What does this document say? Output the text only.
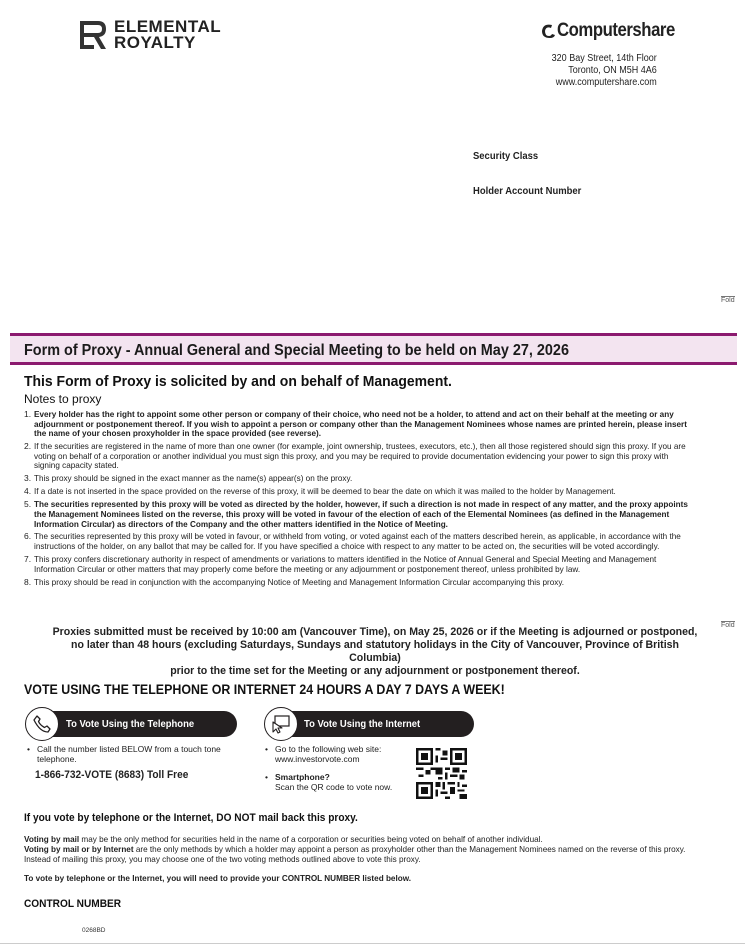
ELEMENTAL
ROYALTY
Computershare
320 Bay Street, 14th Floor
Toronto, ON M5H 4A6
www.computershare.com
Security Class
Holder Account Number
Fold
Form of Proxy - Annual General and Special Meeting to be held on May 27, 2026
This Form of Proxy is solicited by and on behalf of Management.
Notes to proxy
1. Every holder has the right to appoint some other person or company of their choice, who need not be a holder, to attend and act on their behalf at the meeting or any adjournment or postponement thereof. If you wish to appoint a person or company other than the Management Nominees whose names are printed herein, please insert the name of your chosen proxyholder in the space provided (see reverse).
2. If the securities are registered in the name of more than one owner (for example, joint ownership, trustees, executors, etc.), then all those registered should sign this proxy. If you are voting on behalf of a corporation or another individual you must sign this proxy, and you may be required to provide documentation evidencing your power to sign this proxy with signing capacity stated.
3. This proxy should be signed in the exact manner as the name(s) appear(s) on the proxy.
4. If a date is not inserted in the space provided on the reverse of this proxy, it will be deemed to bear the date on which it was mailed to the holder by Management.
5. The securities represented by this proxy will be voted as directed by the holder, however, if such a direction is not made in respect of any matter, and the proxy appoints the Management Nominees listed on the reverse, this proxy will be voted in favour of the election of each of the Elemental Nominees (as defined in the Management Information Circular) as directors of the Company and the other matters identified in the Notice of Meeting.
6. The securities represented by this proxy will be voted in favour, or withheld from voting, or voted against each of the matters described herein, as applicable, in accordance with the instructions of the holder, on any ballot that may be called for. If you have specified a choice with respect to any matter to be acted on, the securities will be voted accordingly.
7. This proxy confers discretionary authority in respect of amendments or variations to matters identified in the Notice of Annual General and Special Meeting and Management Information Circular or other matters that may properly come before the meeting or any adjournment or postponement thereof, unless prohibited by law.
8. This proxy should be read in conjunction with the accompanying Notice of Meeting and Management Information Circular accompanying this proxy.
Fold
Proxies submitted must be received by 10:00 am (Vancouver Time), on May 25, 2026 or if the Meeting is adjourned or postponed,
no later than 48 hours (excluding Saturdays, Sundays and statutory holidays in the City of Vancouver, Province of British Columbia)
prior to the time set for the Meeting or any adjournment or postponement thereof.
VOTE USING THE TELEPHONE OR INTERNET 24 HOURS A DAY 7 DAYS A WEEK!
To Vote Using the Telephone	To Vote Using the Internet
• Call the number listed BELOW from a touch tone
telephone.
1-866-732-VOTE (8683) Toll Free
• Go to the following web site:
www.investorvote.com
• Smartphone?
Scan the QR code to vote now.
If you vote by telephone or the Internet, DO NOT mail back this proxy.
Voting by mail may be the only method for securities held in the name of a corporation or securities being voted on behalf of another individual.
Voting by mail or by Internet are the only methods by which a holder may appoint a person as proxyholder other than the Management Nominees named on the reverse of this proxy.
Instead of mailing this proxy, you may choose one of the two voting methods outlined above to vote this proxy.
To vote by telephone or the Internet, you will need to provide your CONTROL NUMBER listed below.
CONTROL NUMBER
0268BD
